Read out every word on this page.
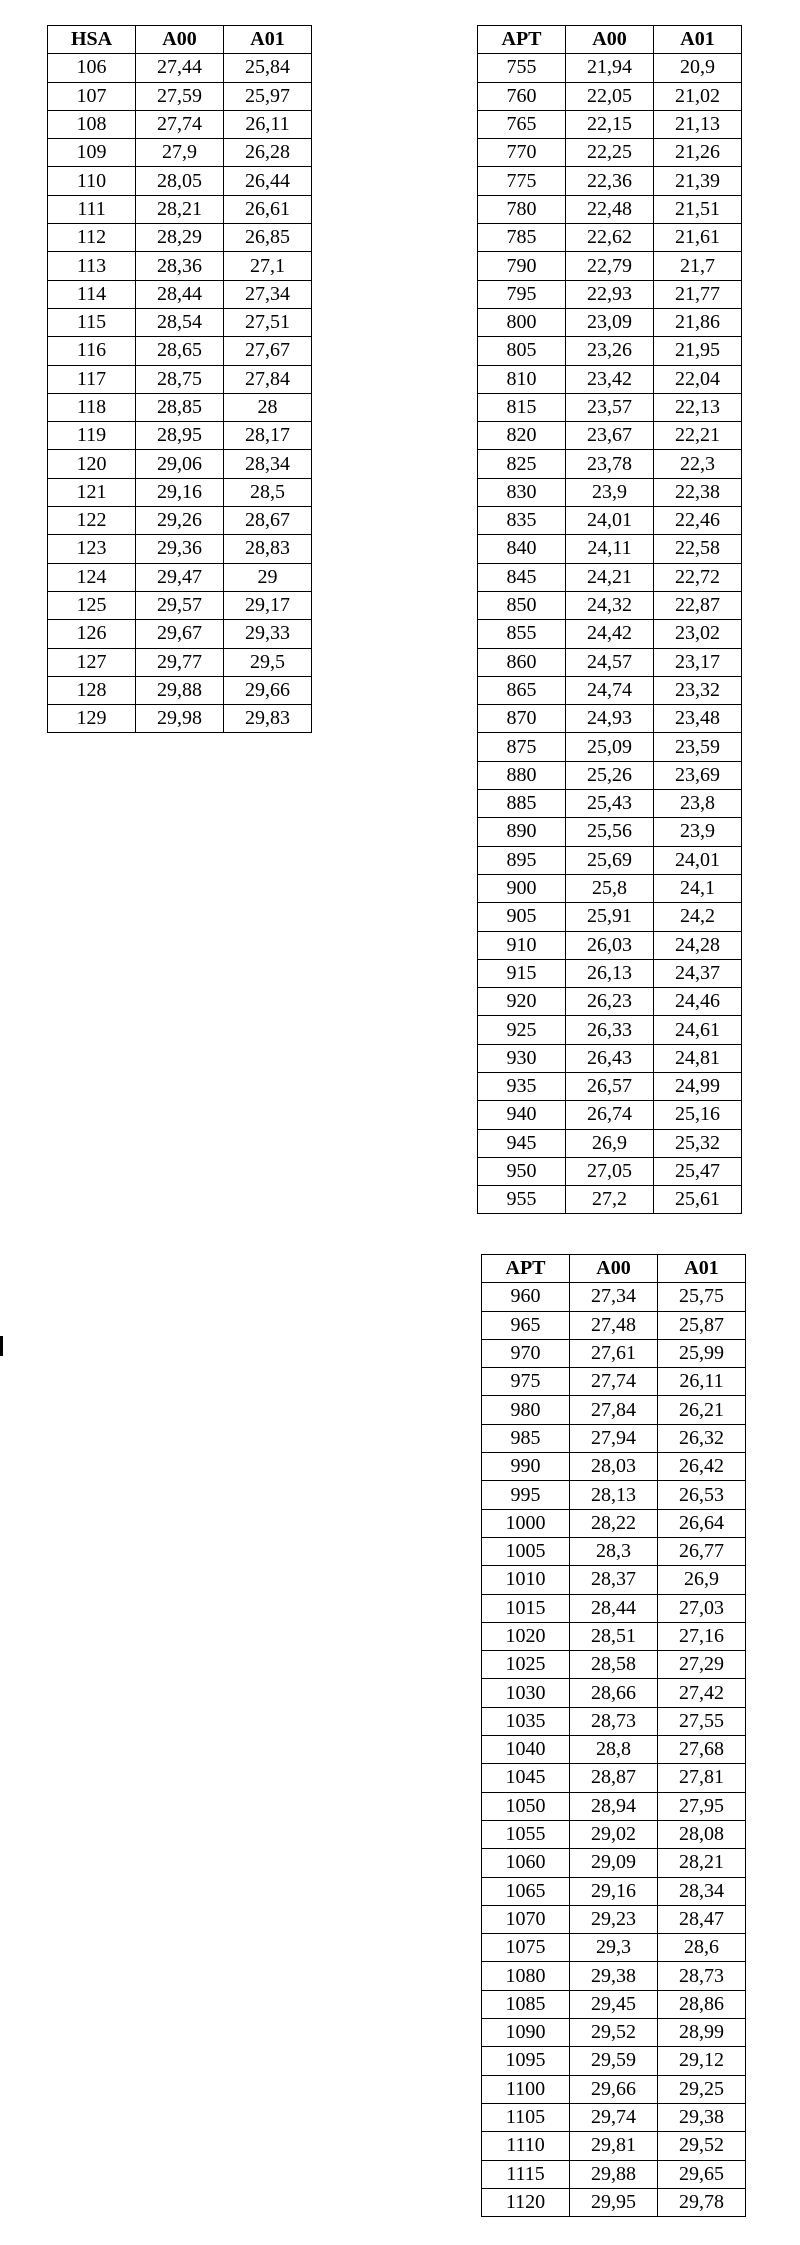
HSA	A00	A01
106	27,44	25,84
107	27,59	25,97
108	27,74	26,11
109	27,9	26,28
110	28,05	26,44
111	28,21	26,61
112	28,29	26,85
113	28,36	27,1
114	28,44	27,34
115	28,54	27,51
116	28,65	27,67
117	28,75	27,84
118	28,85	28
119	28,95	28,17
120	29,06	28,34
121	29,16	28,5
122	29,26	28,67
123	29,36	28,83
124	29,47	29
125	29,57	29,17
126	29,67	29,33
127	29,77	29,5
128	29,88	29,66
129	29,98	29,83
APT	A00	A01
755	21,94	20,9
760	22,05	21,02
765	22,15	21,13
770	22,25	21,26
775	22,36	21,39
780	22,48	21,51
785	22,62	21,61
790	22,79	21,7
795	22,93	21,77
800	23,09	21,86
805	23,26	21,95
810	23,42	22,04
815	23,57	22,13
820	23,67	22,21
825	23,78	22,3
830	23,9	22,38
835	24,01	22,46
840	24,11	22,58
845	24,21	22,72
850	24,32	22,87
855	24,42	23,02
860	24,57	23,17
865	24,74	23,32
870	24,93	23,48
875	25,09	23,59
880	25,26	23,69
885	25,43	23,8
890	25,56	23,9
895	25,69	24,01
900	25,8	24,1
905	25,91	24,2
910	26,03	24,28
915	26,13	24,37
920	26,23	24,46
925	26,33	24,61
930	26,43	24,81
935	26,57	24,99
940	26,74	25,16
945	26,9	25,32
950	27,05	25,47
955	27,2	25,61
APT	A00	A01
960	27,34	25,75
965	27,48	25,87
970	27,61	25,99
975	27,74	26,11
980	27,84	26,21
985	27,94	26,32
990	28,03	26,42
995	28,13	26,53
1000	28,22	26,64
1005	28,3	26,77
1010	28,37	26,9
1015	28,44	27,03
1020	28,51	27,16
1025	28,58	27,29
1030	28,66	27,42
1035	28,73	27,55
1040	28,8	27,68
1045	28,87	27,81
1050	28,94	27,95
1055	29,02	28,08
1060	29,09	28,21
1065	29,16	28,34
1070	29,23	28,47
1075	29,3	28,6
1080	29,38	28,73
1085	29,45	28,86
1090	29,52	28,99
1095	29,59	29,12
1100	29,66	29,25
1105	29,74	29,38
1110	29,81	29,52
1115	29,88	29,65
1120	29,95	29,78
